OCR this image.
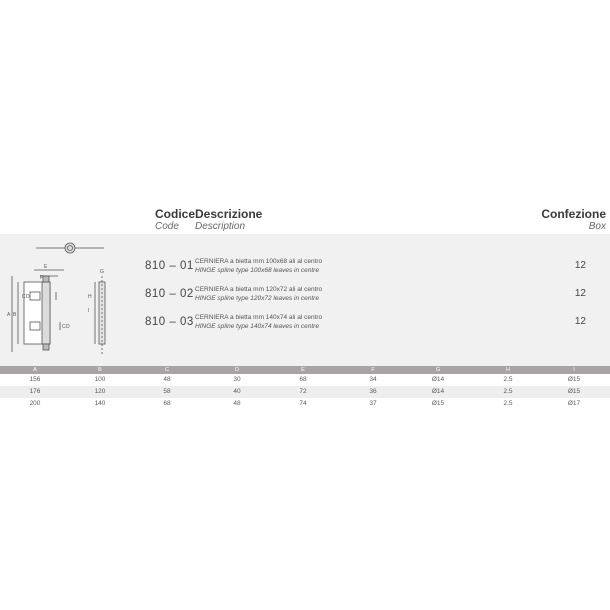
Codice
Code
Descrizione
Description
Confezione
Box
810 – 01 CERNIERA a bietta mm 100x68 ali al centro
HINGE spline type 100x68 leaves in centre	12
810 – 02 CERNIERA a bietta mm 120x72 ali al centro
HINGE spline type 120x72 leaves in centre	12
810 – 03 CERNIERA a bietta mm 140x74 ali al centro
HINGE spline type 140x74 leaves in centre	12
E
F
A B
C D
C D
G
H
I
A	B	C	D	E	F	G	H	I
156	100	48	30	68	34	Ø14	2.5	Ø15
176	120	58	40	72	36	Ø14	2.5	Ø15
200	140	68	48	74	37	Ø15	2.5	Ø17
